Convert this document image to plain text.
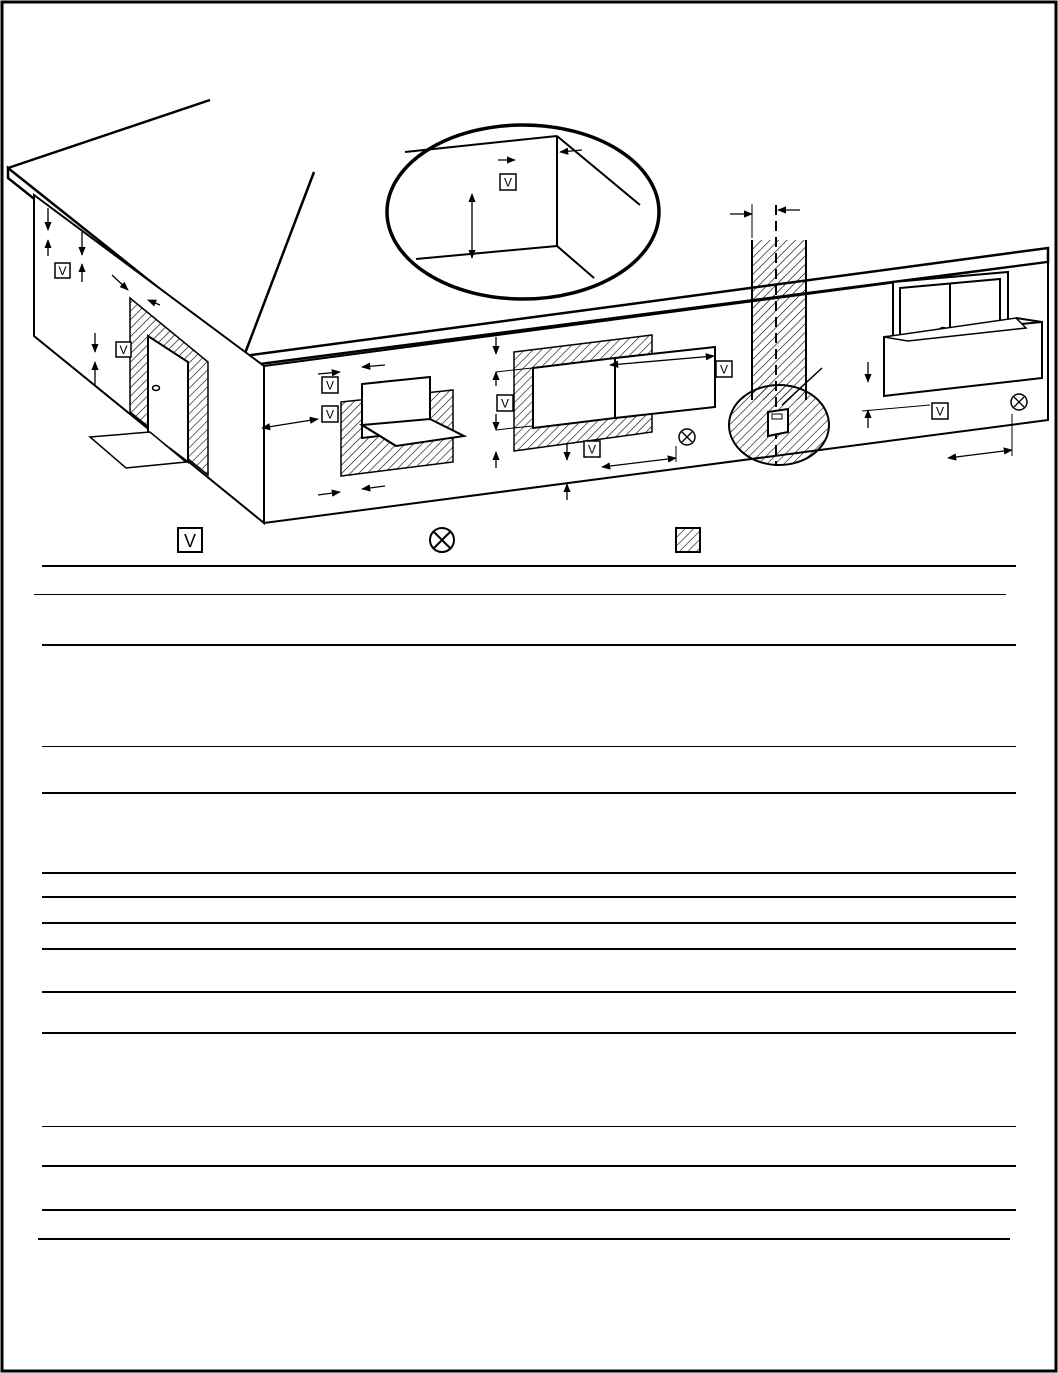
V
V
V
V
V
V
V
V
V
V
